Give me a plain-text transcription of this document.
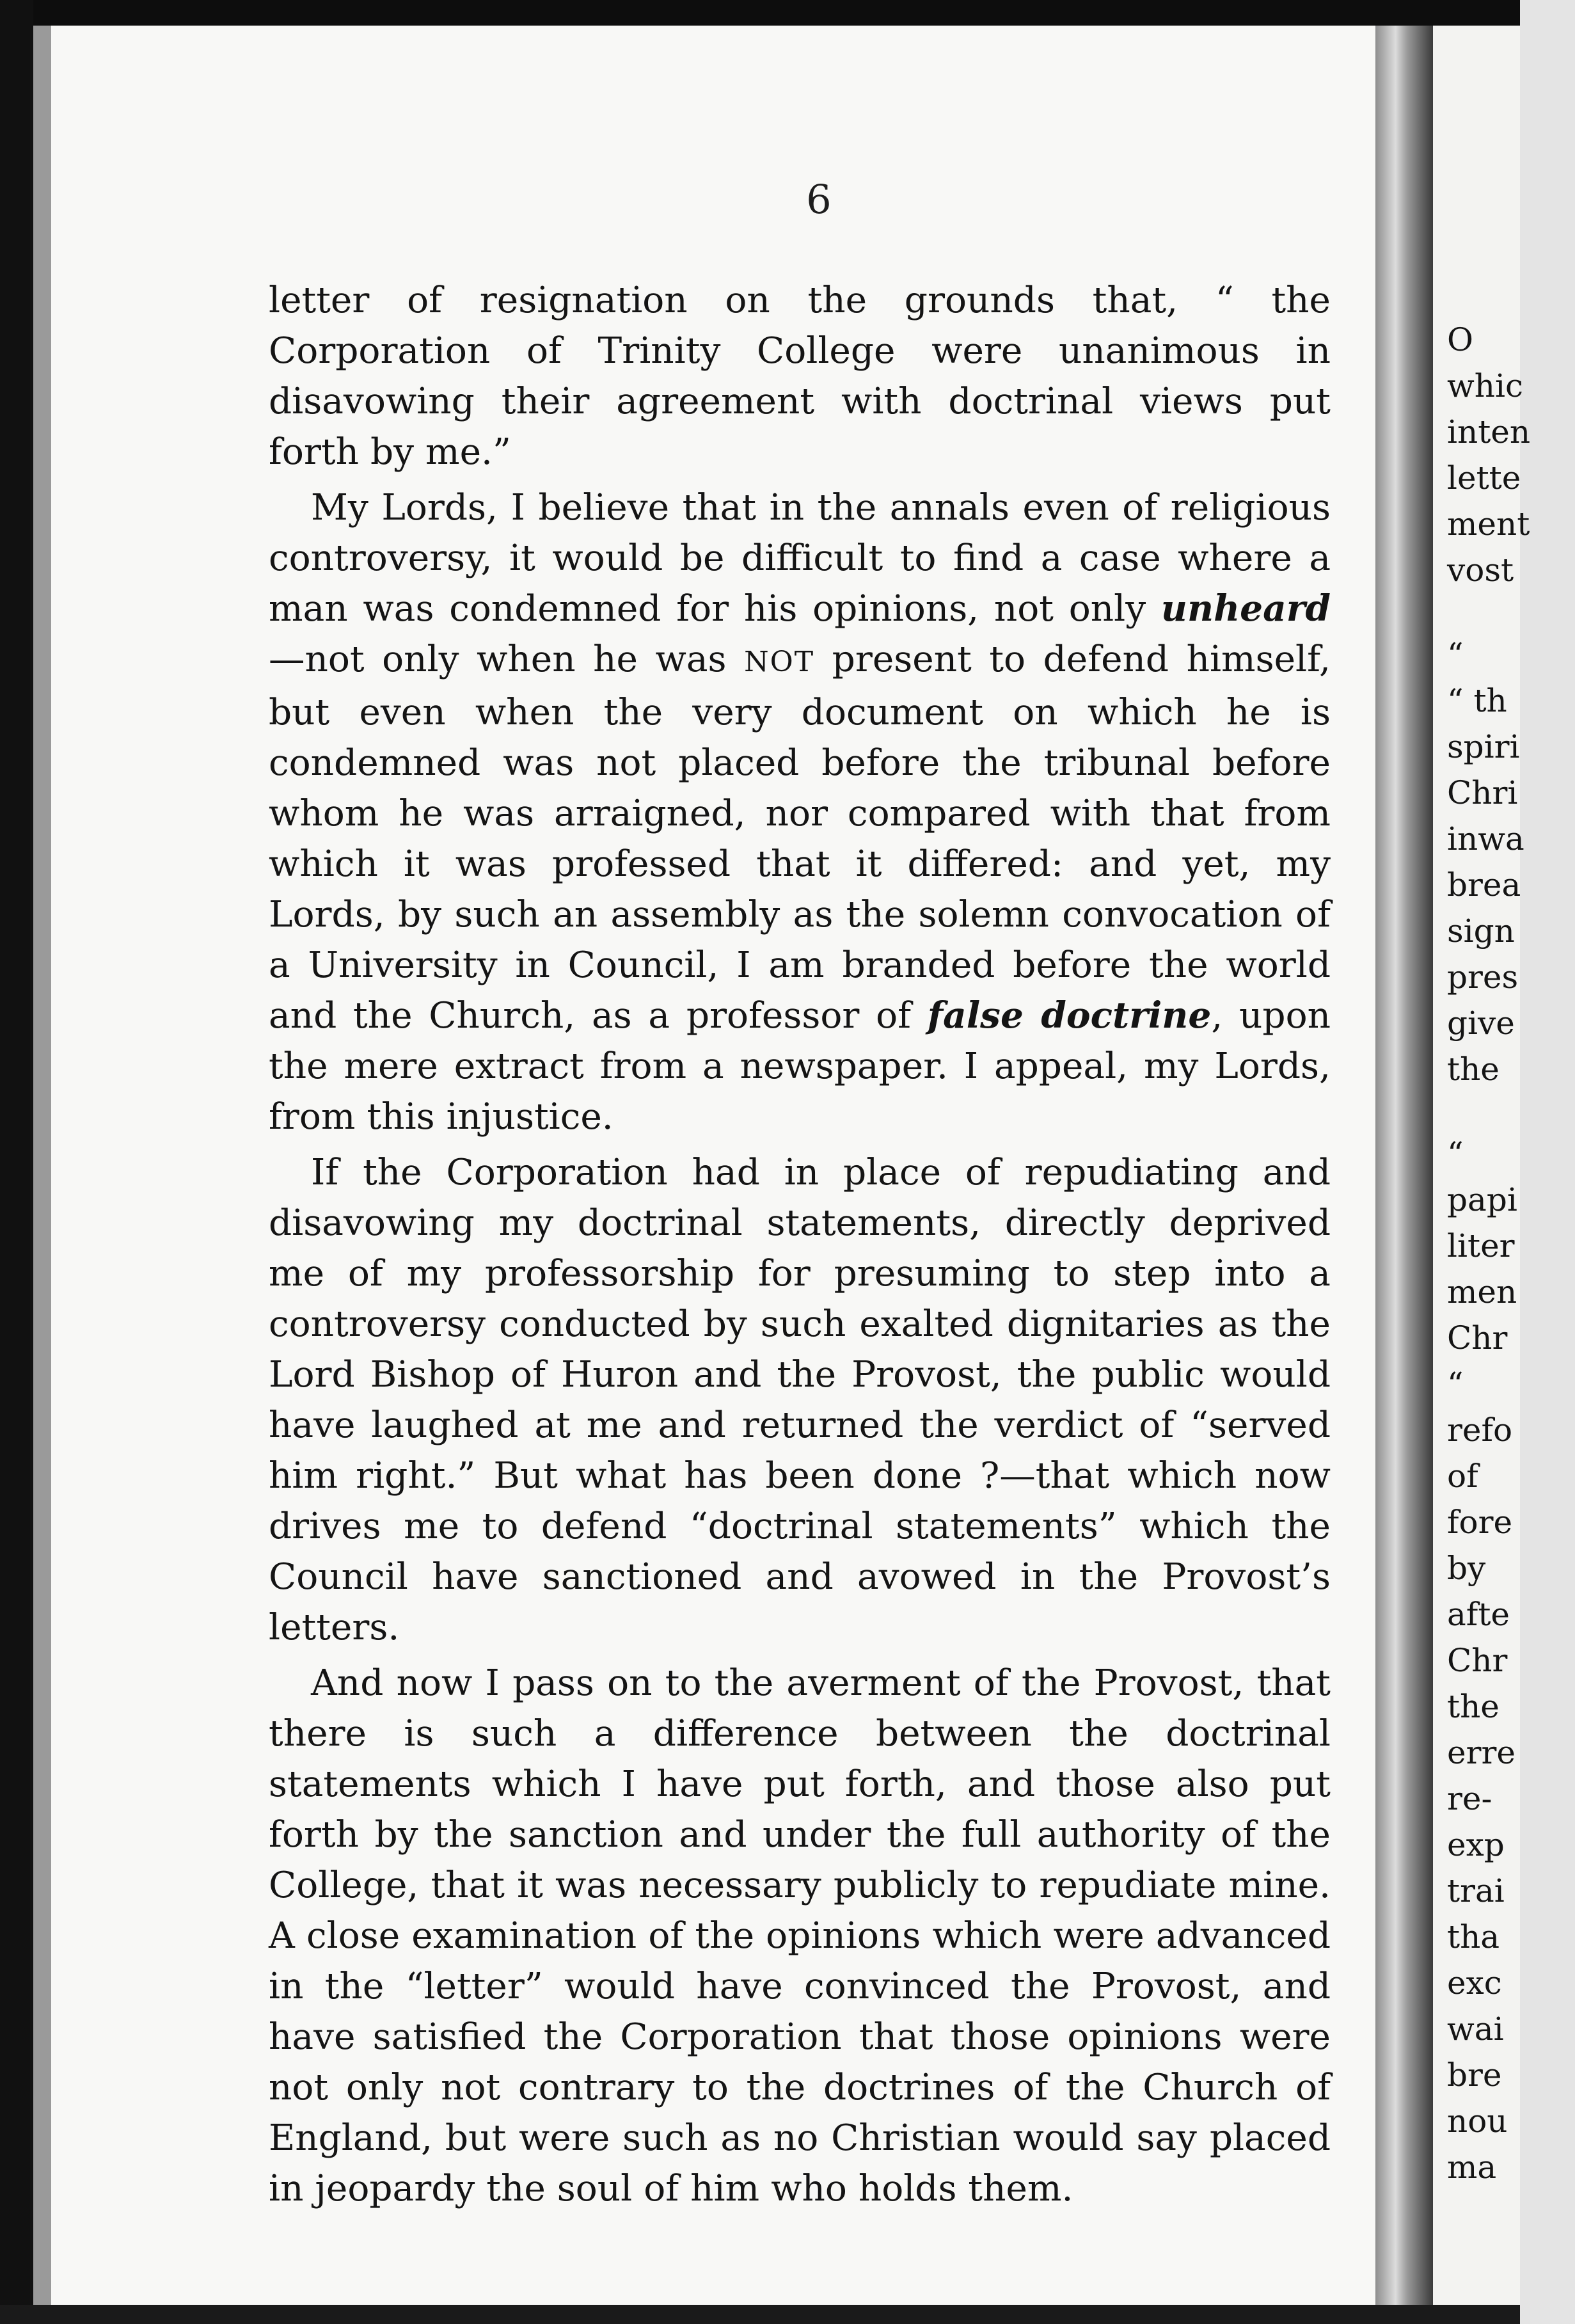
O
whic
inten
lette
ment
vost
“
“ th
spiri
Chri
inwa
brea
sign
pres
give
the
“
papi
liter
men
Chr
“
refo
of
fore
by
afte
Chr
the
erre
re-
exp
trai
tha
exc
wai
bre
nou
ma
6

letter of resignation on the grounds that, “ the Corporation of Trinity College were unanimous in disavowing their agreement with doctrinal views put forth by me.”

My Lords, I believe that in the annals even of religious controversy, it would be difficult to find a case where a man was condemned for his opinions, not only unheard—not only when he was NOT present to defend himself, but even when the very document on which he is condemned was not placed before the tribunal before whom he was arraigned, nor compared with that from which it was professed that it differed: and yet, my Lords, by such an assembly as the solemn convocation of a University in Council, I am branded before the world and the Church, as a professor of false doctrine, upon the mere extract from a newspaper. I appeal, my Lords, from this injustice.

If the Corporation had in place of repudiating and disavowing my doctrinal statements, directly deprived me of my professorship for presuming to step into a controversy conducted by such exalted dignitaries as the Lord Bishop of Huron and the Provost, the public would have laughed at me and returned the verdict of “served him right.” But what has been done ?—that which now drives me to defend “doctrinal statements” which the Council have sanctioned and avowed in the Provost’s letters.

And now I pass on to the averment of the Provost, that there is such a difference between the doctrinal statements which I have put forth, and those also put forth by the sanction and under the full authority of the College, that it was necessary publicly to repudiate mine. A close examination of the opinions which were advanced in the “letter” would have convinced the Provost, and have satisfied the Corporation that those opinions were not only not contrary to the doctrines of the Church of England, but were such as no Christian would say placed in jeopardy the soul of him who holds them.
